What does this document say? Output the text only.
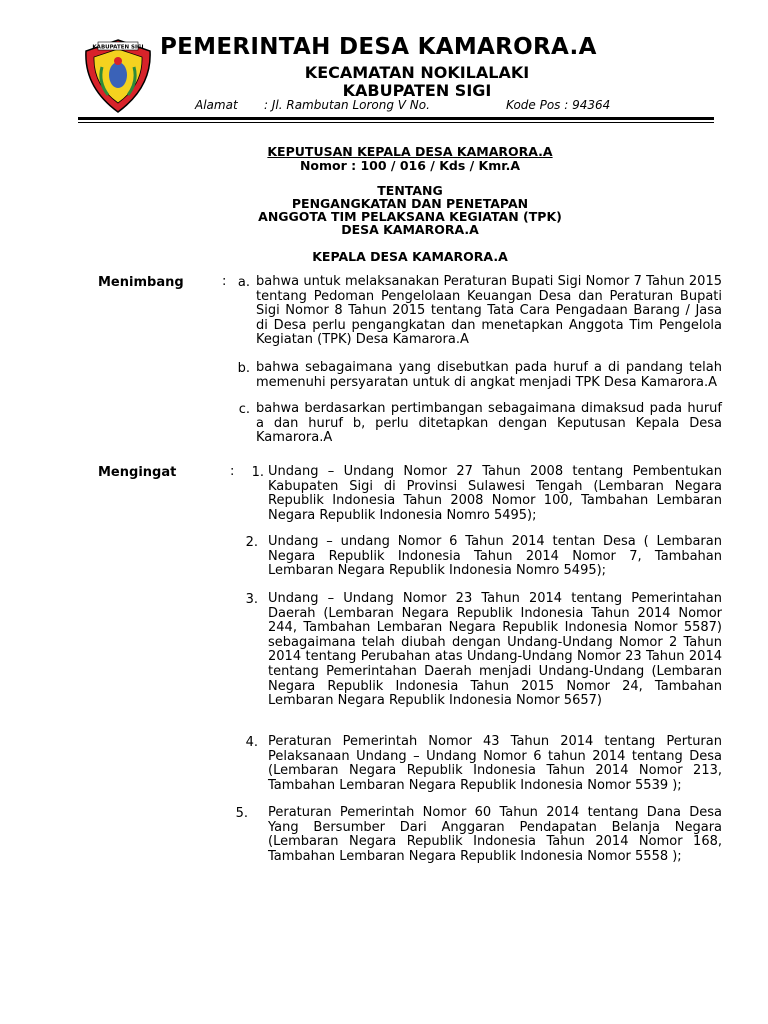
KABUPATEN SIGI PEMERINTAH DESA KAMARORA.A
KECAMATAN NOKILALAKI
KABUPATEN SIGI
Alamat : Jl. Rambutan Lorong V No.	Kode Pos : 94364
KEPUTUSAN KEPALA DESA KAMARORA.A
Nomor : 100 / 016 / Kds / Kmr.A
TENTANG
PENGANGKATAN DAN PENETAPAN
ANGGOTA TIM PELAKSANA KEGIATAN (TPK)
DESA KAMARORA.A
KEPALA DESA KAMARORA.A
Menimbang	: a. bahwa untuk melaksanakan Peraturan Bupati Sigi Nomor 7 Tahun 2015 tentang Pedoman Pengelolaan Keuangan Desa dan Peraturan Bupati Sigi Nomor 8 Tahun 2015 tentang Tata Cara Pengadaan Barang / Jasa di Desa perlu pengangkatan dan menetapkan Anggota Tim Pengelola Kegiatan (TPK) Desa Kamarora.A
b. bahwa sebagaimana yang disebutkan pada huruf a di pandang telah memenuhi persyaratan untuk di angkat menjadi TPK Desa Kamarora.A
c. bahwa berdasarkan pertimbangan sebagaimana dimaksud pada huruf a dan huruf b, perlu ditetapkan dengan Keputusan Kepala Desa Kamarora.A
Mengingat	:	1. Undang – Undang Nomor 27 Tahun 2008 tentang Pembentukan Kabupaten Sigi di Provinsi Sulawesi Tengah (Lembaran Negara Republik Indonesia Tahun 2008 Nomor 100, Tambahan Lembaran Negara Republik Indonesia Nomro 5495);
2. Undang – undang Nomor 6 Tahun 2014 tentan Desa ( Lembaran Negara Republik Indonesia Tahun 2014 Nomor 7, Tambahan Lembaran Negara Republik Indonesia Nomro 5495);
3. Undang – Undang Nomor 23 Tahun 2014 tentang Pemerintahan Daerah (Lembaran Negara Republik Indonesia Tahun 2014 Nomor 244, Tambahan Lembaran Negara Republik Indonesia Nomor 5587) sebagaimana telah diubah dengan Undang-Undang Nomor 2 Tahun 2014 tentang Perubahan atas Undang-Undang Nomor 23 Tahun 2014 tentang Pemerintahan Daerah menjadi Undang-Undang (Lembaran Negara Republik Indonesia Tahun 2015 Nomor 24, Tambahan Lembaran Negara Republik Indonesia Nomor 5657)
4. Peraturan Pemerintah Nomor 43 Tahun 2014 tentang Perturan Pelaksanaan Undang – Undang Nomor 6 tahun 2014 tentang Desa (Lembaran Negara Republik Indonesia Tahun 2014 Nomor 213, Tambahan Lembaran Negara Republik Indonesia Nomor 5539 );
5. Peraturan Pemerintah Nomor 60 Tahun 2014 tentang Dana Desa Yang Bersumber Dari Anggaran Pendapatan Belanja Negara (Lembaran Negara Republik Indonesia Tahun 2014 Nomor 168, Tambahan Lembaran Negara Republik Indonesia Nomor 5558 );
